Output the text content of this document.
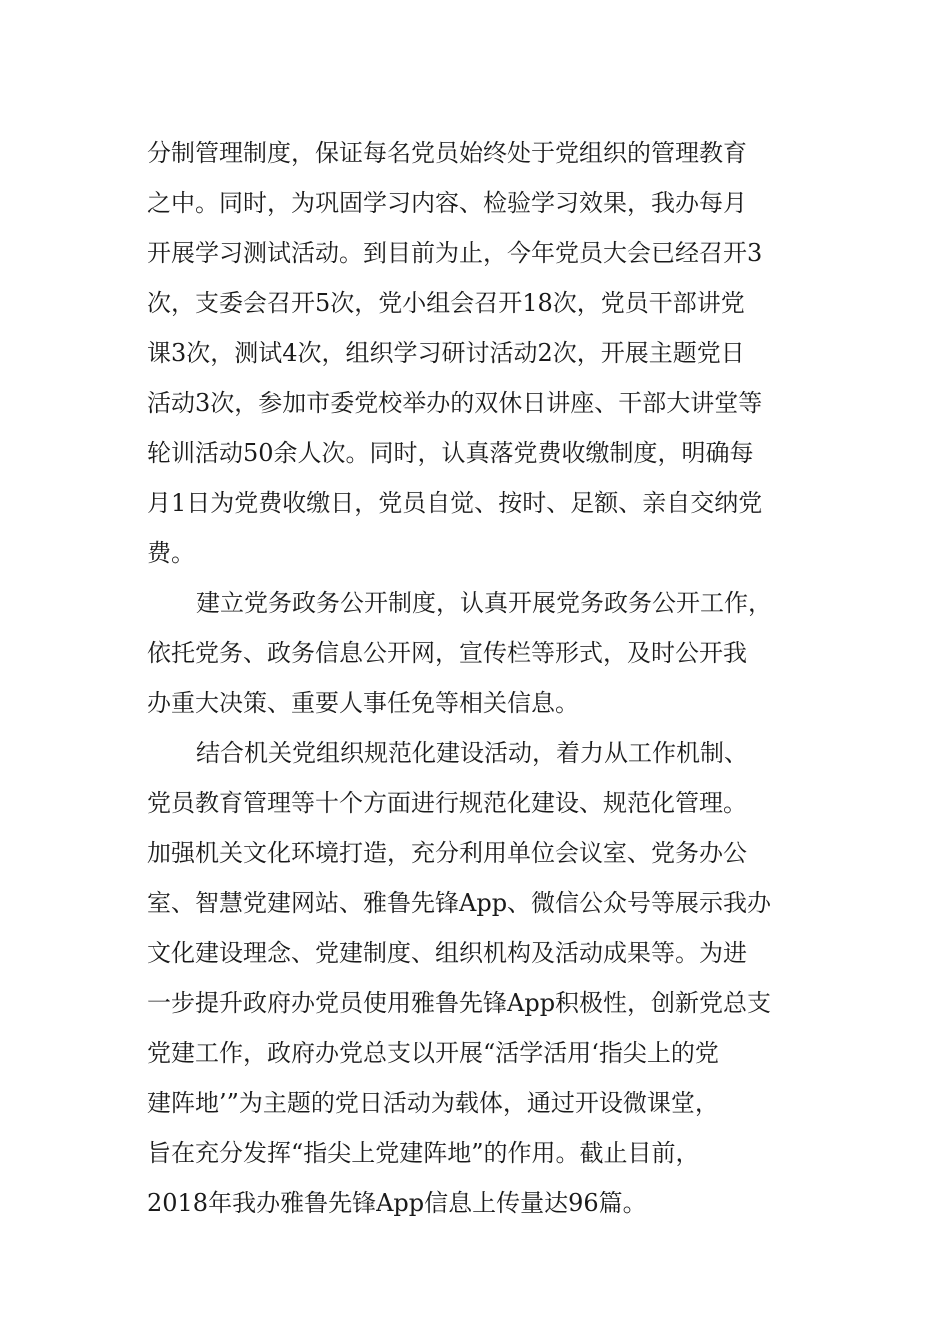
分制管理制度，保证每名党员始终处于党组织的管理教育
之中。同时，为巩固学习内容、检验学习效果，我办每月
开展学习测试活动。到目前为止，今年党员大会已经召开3
次，支委会召开5次，党小组会召开18次，党员干部讲党
课3次，测试4次，组织学习研讨活动2次，开展主题党日
活动3次，参加市委党校举办的双休日讲座、干部大讲堂等
轮训活动50余人次。同时，认真落党费收缴制度，明确每
月1日为党费收缴日，党员自觉、按时、足额、亲自交纳党
费。
建立党务政务公开制度，认真开展党务政务公开工作，
依托党务、政务信息公开网，宣传栏等形式，及时公开我
办重大决策、重要人事任免等相关信息。
结合机关党组织规范化建设活动，着力从工作机制、
党员教育管理等十个方面进行规范化建设、规范化管理。
加强机关文化环境打造，充分利用单位会议室、党务办公
室、智慧党建网站、雅鲁先锋App、微信公众号等展示我办
文化建设理念、党建制度、组织机构及活动成果等。为进
一步提升政府办党员使用雅鲁先锋App积极性，创新党总支
党建工作，政府办党总支以开展“活学活用‘指尖上的党
建阵地’”为主题的党日活动为载体，通过开设微课堂，
旨在充分发挥“指尖上党建阵地”的作用。截止目前，
2018年我办雅鲁先锋App信息上传量达96篇。
